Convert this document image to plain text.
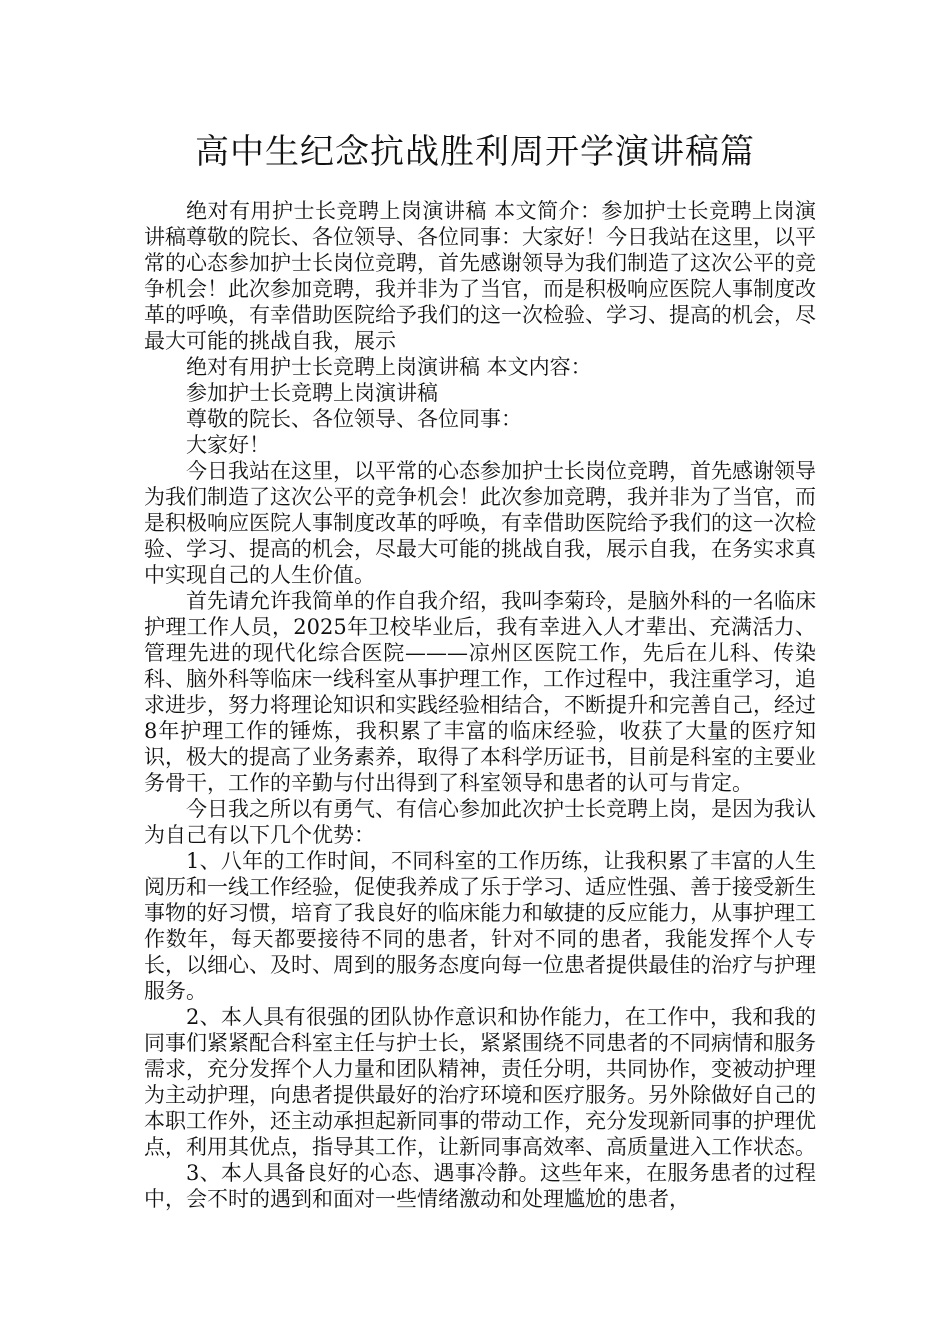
高中生纪念抗战胜利周开学演讲稿篇

绝对有用护士长竞聘上岗演讲稿 本文简介：参加护士长竞聘上岗演讲稿尊敬的院长、各位领导、各位同事：大家好！今日我站在这里，以平常的心态参加护士长岗位竞聘，首先感谢领导为我们制造了这次公平的竞争机会！此次参加竞聘，我并非为了当官，而是积极响应医院人事制度改革的呼唤，有幸借助医院给予我们的这一次检验、学习、提高的机会，尽最大可能的挑战自我，展示

绝对有用护士长竞聘上岗演讲稿 本文内容：

参加护士长竞聘上岗演讲稿

尊敬的院长、各位领导、各位同事：

大家好！

今日我站在这里，以平常的心态参加护士长岗位竞聘，首先感谢领导为我们制造了这次公平的竞争机会！此次参加竞聘，我并非为了当官，而是积极响应医院人事制度改革的呼唤，有幸借助医院给予我们的这一次检验、学习、提高的机会，尽最大可能的挑战自我，展示自我，在务实求真中实现自己的人生价值。

首先请允许我简单的作自我介绍，我叫李菊玲，是脑外科的一名临床护理工作人员，2025年卫校毕业后，我有幸进入人才辈出、充满活力、管理先进的现代化综合医院———凉州区医院工作，先后在儿科、传染科、脑外科等临床一线科室从事护理工作，工作过程中，我注重学习，追求进步，努力将理论知识和实践经验相结合，不断提升和完善自己，经过8年护理工作的锤炼，我积累了丰富的临床经验，收获了大量的医疗知识，极大的提高了业务素养，取得了本科学历证书，目前是科室的主要业务骨干，工作的辛勤与付出得到了科室领导和患者的认可与肯定。

今日我之所以有勇气、有信心参加此次护士长竞聘上岗，是因为我认为自己有以下几个优势：

1、八年的工作时间，不同科室的工作历练，让我积累了丰富的人生阅历和一线工作经验，促使我养成了乐于学习、适应性强、善于接受新生事物的好习惯，培育了我良好的临床能力和敏捷的反应能力，从事护理工作数年，每天都要接待不同的患者，针对不同的患者，我能发挥个人专长，以细心、及时、周到的服务态度向每一位患者提供最佳的治疗与护理服务。

2、本人具有很强的团队协作意识和协作能力，在工作中，我和我的同事们紧紧配合科室主任与护士长，紧紧围绕不同患者的不同病情和服务需求，充分发挥个人力量和团队精神，责任分明，共同协作，变被动护理为主动护理，向患者提供最好的治疗环境和医疗服务。另外除做好自己的本职工作外，还主动承担起新同事的带动工作，充分发现新同事的护理优点，利用其优点，指导其工作，让新同事高效率、高质量进入工作状态。

3、本人具备良好的心态、遇事冷静。这些年来，在服务患者的过程中，会不时的遇到和面对一些情绪激动和处理尴尬的患者，
